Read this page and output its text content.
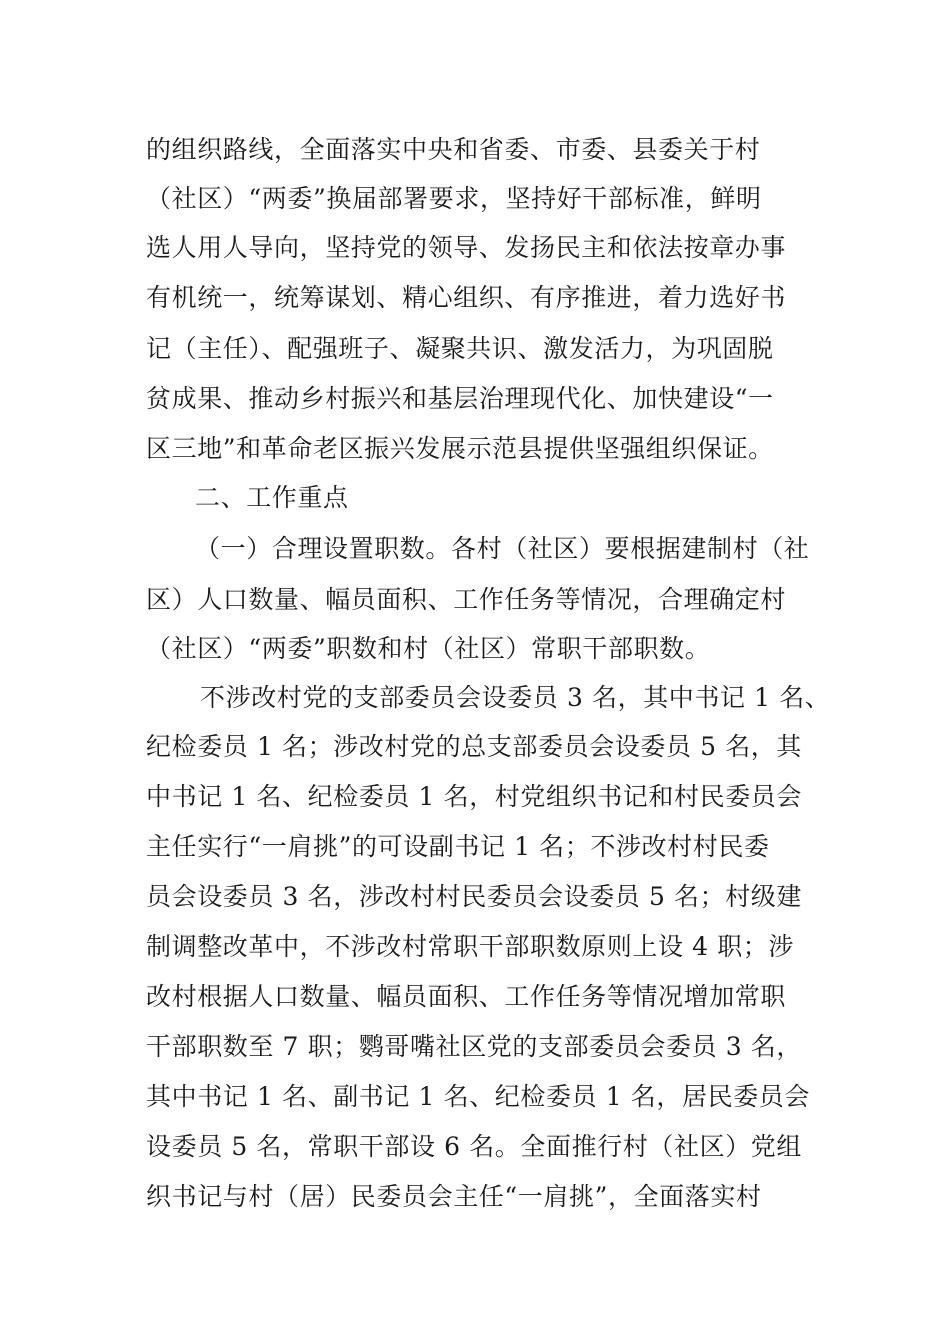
的组织路线，全面落实中央和省委、市委、县委关于村
（社区）“两委”换届部署要求，坚持好干部标准，鲜明
选人用人导向，坚持党的领导、发扬民主和依法按章办事
有机统一，统筹谋划、精心组织、有序推进，着力选好书
记（主任）、配强班子、凝聚共识、激发活力，为巩固脱
贫成果、推动乡村振兴和基层治理现代化、加快建设“一
区三地”和革命老区振兴发展示范县提供坚强组织保证。
二、工作重点
（一）合理设置职数。各村（社区）要根据建制村（社
区）人口数量、幅员面积、工作任务等情况，合理确定村
（社区）“两委”职数和村（社区）常职干部职数。
不涉改村党的支部委员会设委员 3 名，其中书记 1 名、
纪检委员 1 名；涉改村党的总支部委员会设委员 5 名，其
中书记 1 名、纪检委员 1 名，村党组织书记和村民委员会
主任实行“一肩挑”的可设副书记 1 名；不涉改村村民委
员会设委员 3 名，涉改村村民委员会设委员 5 名；村级建
制调整改革中，不涉改村常职干部职数原则上设 4 职；涉
改村根据人口数量、幅员面积、工作任务等情况增加常职
干部职数至 7 职；鹦哥嘴社区党的支部委员会委员 3 名，
其中书记 1 名、副书记 1 名、纪检委员 1 名，居民委员会
设委员 5 名，常职干部设 6 名。全面推行村（社区）党组
织书记与村（居）民委员会主任“一肩挑”，全面落实村
